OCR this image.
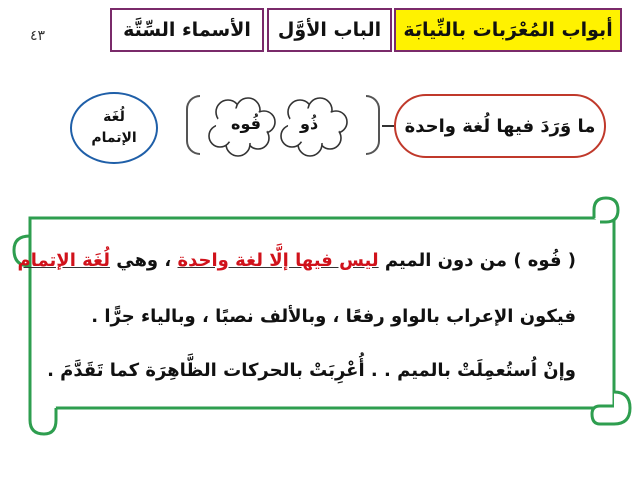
أبواب المُعْرَبات بالنِّيابَة
الباب الأوَّل
الأسماء السِّتَّة
٤٣
ما وَرَدَ فيها لُغة واحدة
ذُو
فُوه
لُغَة
الإتمام
( فُوه ) من دون الميم ليس فيها إلَّا لغة واحدة ، وهي لُغَة الإتمام
فيكون الإعراب بالواو رفعًا ، وبالألف نصبًا ، وبالياء جرًّا .
وإنْ اُستُعمِلَتْ بالميم . . أُعْرِبَتْ بالحركات الظَّاهِرَة كما تَقَدَّمَ .
